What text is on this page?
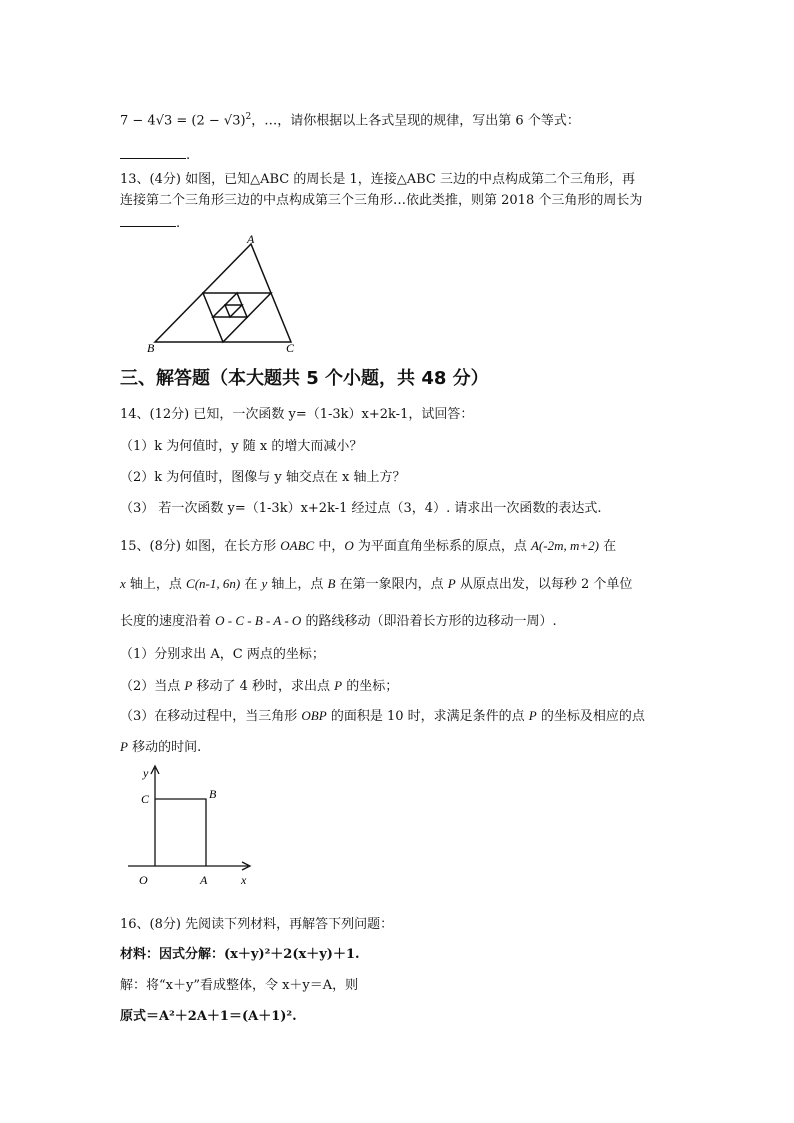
$7 - 4√3 = (2 - √3)^2$，…，请你根据以上各式呈现的规律，写出第 6 个等式：
.
13、(4分) 如图，已知△ABC 的周长是 1，连接△ABC 三边的中点构成第二个三角形，再
连接第二个三角形三边的中点构成第三个三角形…依此类推，则第 2018 个三角形的周长为
.
A
B	C
三、解答题（本大题共 5 个小题，共 48 分）
14、(12分) 已知，一次函数 y=（1-3k）x+2k-1，试回答：
（1）k 为何值时，y 随 x 的增大而减小？
（2）k 为何值时，图像与 y 轴交点在 x 轴上方？
（3） 若一次函数 y=（1-3k）x+2k-1 经过点（3，4）. 请求出一次函数的表达式.
15、(8分) 如图，在长方形 OABC 中，O 为平面直角坐标系的原点，点 A(-2m, m+2) 在
x 轴上，点 C(n-1, 6n) 在 y 轴上，点 B 在第一象限内，点 P 从原点出发，以每秒 2 个单位
长度的速度沿着 O - C - B - A - O 的路线移动（即沿着长方形的边移动一周）.
（1）分别求出 A，C 两点的坐标；
（2）当点 P 移动了 4 秒时，求出点 P 的坐标；
（3）在移动过程中，当三角形 OBP 的面积是 10 时，求满足条件的点 P 的坐标及相应的点
P 移动的时间.
y
x
O	A
B
C
16、(8分) 先阅读下列材料，再解答下列问题：
材料：因式分解：(x＋y)²＋2(x＋y)＋1.
解：将“x＋y”看成整体，令 x＋y＝A，则
原式＝A²＋2A＋1＝(A＋1)².
